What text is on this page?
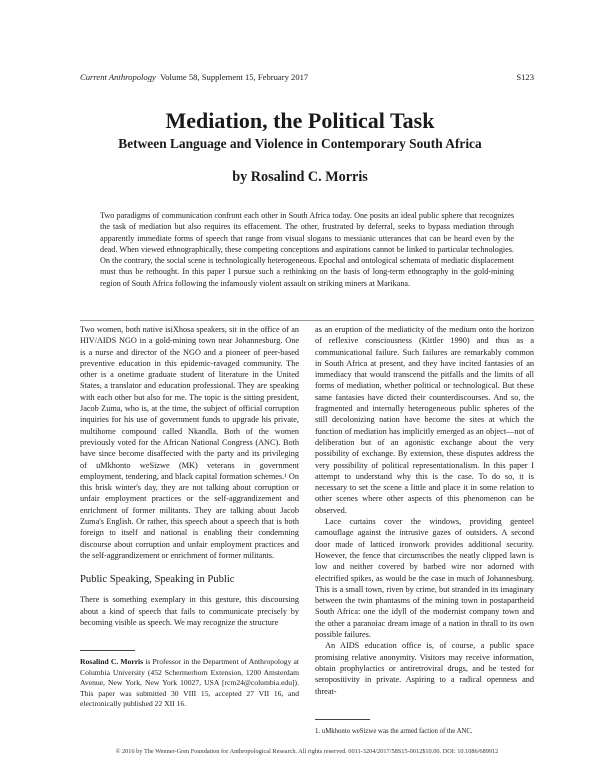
Current Anthropology Volume 58, Supplement 15, February 2017	S123
Mediation, the Political Task
Between Language and Violence in Contemporary South Africa
by Rosalind C. Morris

Two paradigms of communication confront each other in South Africa today. One posits an ideal public sphere that recognizes the task of mediation but also requires its effacement. The other, frustrated by deferral, seeks to bypass mediation through apparently immediate forms of speech that range from visual slogans to messianic utterances that can be heard even by the dead. When viewed ethnographically, these competing conceptions and aspirations cannot be linked to particular technologies. On the contrary, the social scene is technologically heterogeneous. Epochal and ontological schemata of mediatic displacement must thus be rethought. In this paper I pursue such a rethinking on the basis of long-term ethnography in the gold-mining region of South Africa following the infamously violent assault on striking miners at Marikana.

Two women, both native isiXhosa speakers, sit in the office of an HIV/AIDS NGO in a gold-mining town near Johannesburg. One is a nurse and director of the NGO and a pioneer of peer-based preventive education in this epidemic-ravaged community. The other is a onetime graduate student of literature in the United States, a translator and education professional. They are speaking with each other but also for me. The topic is the sitting president, Jacob Zuma, who is, at the time, the subject of official corruption inquiries for his use of government funds to upgrade his private, multihome compound called Nkandla. Both of the women previously voted for the African National Congress (ANC). Both have since become disaffected with the party and its privileging of uMkhonto weSizwe (MK) veterans in government employment, tendering, and black capital formation schemes.¹ On this brisk winter's day, they are not talking about corruption or unfair employment practices or the self-aggrandizement and enrichment of former militants. They are talking about Jacob Zuma's English. Or rather, this speech about a speech that is both foreign to itself and national is enabling their condemning discourse about corruption and unfair employment practices and the self-aggrandizement or enrichment of former militants.

Public Speaking, Speaking in Public

There is something exemplary in this gesture, this discoursing about a kind of speech that fails to communicate precisely by becoming visible as speech. We may recognize the structure

Rosalind C. Morris is Professor in the Department of Anthropology at Columbia University (452 Schermerhorn Extension, 1200 Amsterdam Avenue, New York, New York 10027, USA [rcm24@columbia.edu]). This paper was submitted 30 VIII 15, accepted 27 VII 16, and electronically published 22 XII 16.

as an eruption of the mediaticity of the medium onto the horizon of reflexive consciousness (Kittler 1990) and thus as a communicational failure. Such failures are remarkably common in South Africa at present, and they have incited fantasies of an immediacy that would transcend the pitfalls and the limits of all forms of mediation, whether political or technological. But these same fantasies have dicted their counterdiscourses. And so, the fragmented and internally heterogeneous public spheres of the still decolonizing nation have become the sites at which the function of mediation has implicitly emerged as an object—not of deliberation but of an agonistic exchange about the very possibility of exchange. By extension, these disputes address the very possibility of political representationalism. In this paper I attempt to understand why this is the case. To do so, it is necessary to set the scene a little and place it in some relation to other scenes where other aspects of this phenomenon can be observed.

Lace curtains cover the windows, providing genteel camouflage against the intrusive gazes of outsiders. A second door made of latticed ironwork provides additional security. However, the fence that circumscribes the neatly clipped lawn is low and neither covered by barbed wire nor adorned with electrified spikes, as would be the case in much of Johannesburg. This is a small town, riven by crime, but stranded in its imaginary between the twin phantasms of the mining town in postapartheid South Africa: one the idyll of the modernist company town and the other a paranoiac dream image of a nation in thrall to its own possible failures.

An AIDS education office is, of course, a public space promising relative anonymity. Visitors may receive information, obtain prophylactics or antiretroviral drugs, and be tested for seropositivity in private. Aspiring to a radical openness and threat-

1. uMkhonto weSizwe was the armed faction of the ANC.

© 2016 by The Wenner-Gren Foundation for Anthropological Research. All rights reserved. 0011-3204/2017/58S15-0012$10.00. DOI: 10.1086/689912
